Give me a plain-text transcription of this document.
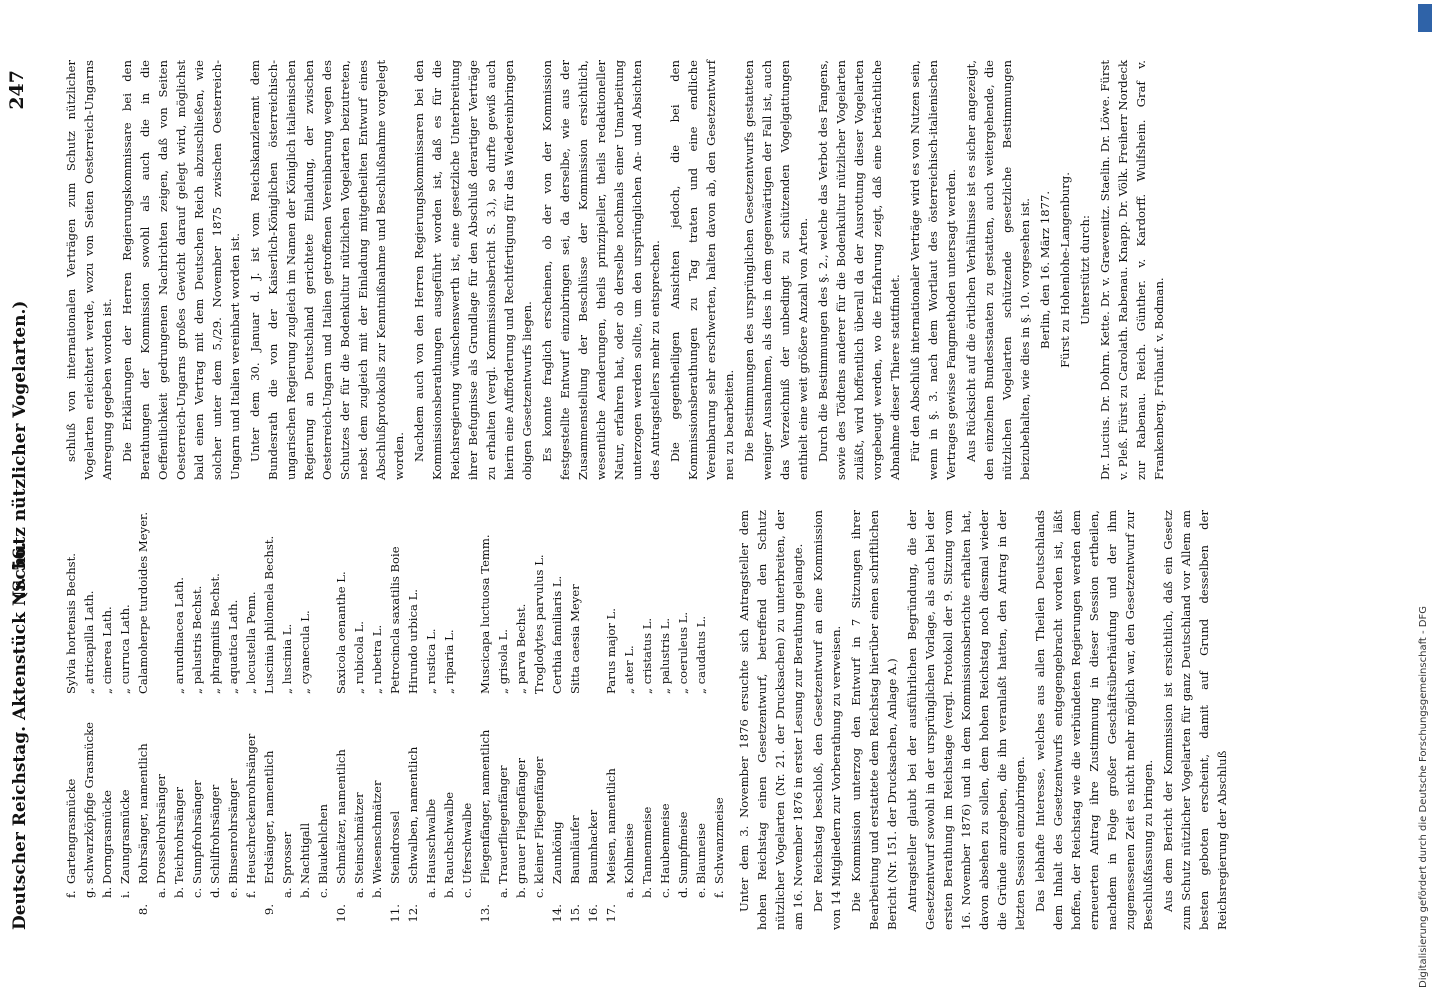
Deutscher Reichstag. Aktenstück Nr. 56.
(Schutz nützlicher Vogelarten.)
247
f.
Gartengrasmücke
Sylvia hortensis Bechst.
g.
schwarzköpfige Grasmücke
„ atricapilla Lath.
h.
Dorngrasmücke
„ cinerea Lath.
i.
Zaungrasmücke
„ curruca Lath.
8.
Rohrsänger, namentlich
Calamoherpe turdoides Meyer.
a.
Drosselrohrsänger
b.
Teichrohrsänger
„ arundinacea Lath.
c.
Sumpfrohrsänger
„ palustris Bechst.
d.
Schilfrohrsänger
„ phragmitis Bechst.
e.
Binsenrohrsänger
„ aquatica Lath.
f.
Heuschreckenrohrsänger
„ locustella Penn.
9.
Erdsänger, namentlich
Luscinia philomela Bechst.
a.
Sprosser
„ luscinia L.
b.
Nachtigall
„ cyanecula L.
c.
Blaukehlchen
10.
Schmätzer, namentlich
Saxicola oenanthe L.
a.
Steinschmätzer
„ rubicola L.
b.
Wiesenschmätzer
„ rubetra L.
11.
Steindrossel
Petrocincla saxatilis Boie
12.
Schwalben, namentlich
Hirundo urbica L.
a.
Hausschwalbe
„ rustica L.
b.
Rauchschwalbe
„ riparia L.
c.
Uferschwalbe
13.
Fliegenfänger, namentlich
Muscicapa luctuosa Temm.
a.
Trauerfliegenfänger
„ grisola L.
b.
grauer Fliegenfänger
„ parva Bechst.
c.
kleiner Fliegenfänger
Troglodytes parvulus L.
14.
Zaunkönig
Certhia familiaris L.
15.
Baumläufer
Sitta caesia Meyer
16.
Baumhacker
17.
Meisen, namentlich
Parus major L.
a.
Kohlmeise
„ ater L.
b.
Tannenmeise
„ cristatus L.
c.
Haubenmeise
„ palustris L.
d.
Sumpfmeise
„ coeruleus L.
e.
Blaumeise
„ caudatus L.
f.
Schwanzmeise Unter dem 3. November 1876 ersuchte sich Antragsteller dem hohen Reichstag einen Gesetzentwurf, betreffend den Schutz nützlicher Vogelarten (Nr. 21. der Drucksachen) zu unterbreiten, der am 16. November 1876 in erster Lesung zur Berathung gelangte. Der Reichstag beschloß, den Gesetzentwurf an eine Kommission von 14 Mitgliedern zur Vorberathung zu verweisen. Die Kommission unterzog den Entwurf in 7 Sitzungen ihrer Bearbeitung und erstattete dem Reichstag hierüber einen schriftlichen Bericht (Nr. 151. der Drucksachen, Anlage A.) Antragsteller glaubt bei der ausführlichen Begründung, die der Gesetzentwurf sowohl in der ursprünglichen Vorlage, als auch bei der ersten Berathung im Reichstage (vergl. Protokoll der 9. Sitzung vom 16. November 1876) und in dem Kommissionsberichte erhalten hat, davon absehen zu sollen, dem hohen Reichstag noch diesmal wieder die Gründe anzugeben, die ihn veranlaßt hatten, den Antrag in der letzten Session einzubringen. Das lebhafte Interesse, welches aus allen Theilen Deutschlands dem Inhalt des Gesetzentwurfs entgegengebracht worden ist, läßt hoffen, der Reichstag wie die verbündeten Regierungen werden dem erneuerten Antrag ihre Zustimmung in dieser Session ertheilen, nachdem in Folge großer Geschäftsüberhäufung und der ihm zugemessenen Zeit es nicht mehr möglich war, den Gesetzentwurf zur Beschlußfassung zu bringen. Aus dem Bericht der Kommission ist ersichtlich, daß ein Gesetz zum Schutz nützlicher Vogelarten für ganz Deutschland vor Allem am besten geboten erscheint, damit auf Grund desselben der Reichsregierung der Abschluß

schluß von internationalen Verträgen zum Schutz nützlicher Vogelarten erleichtert werde, wozu von Seiten Oesterreich-Ungarns Anregung gegeben worden ist. Die Erklärungen der Herren Regierungskommissare bei den Berathungen der Kommission sowohl als auch die in die Oeffentlichkeit gedrungenen Nachrichten zeigen, daß von Seiten Oesterreich-Ungarns großes Gewicht darauf gelegt wird, möglichst bald einen Vertrag mit dem Deutschen Reich abzuschließen, wie solcher unter dem 5./29. November 1875 zwischen Oesterreich-Ungarn und Italien vereinbart worden ist. Unter dem 30. Januar d. J. ist vom Reichskanzleramt dem Bundesrath die von der Kaiserlich-Königlichen österreichisch-ungarischen Regierung zugleich im Namen der Königlich italienischen Regierung an Deutschland gerichtete Einladung, der zwischen Oesterreich-Ungarn und Italien getroffenen Vereinbarung wegen des Schutzes der für die Bodenkultur nützlichen Vogelarten beizutreten, nebst dem zugleich mit der Einladung mitgetheilten Entwurf eines Abschlußprotokolls zur Kenntnißnahme und Beschlußnahme vorgelegt worden. Nachdem auch von den Herren Regierungskommissaren bei den Kommissionsberathungen ausgeführt worden ist, daß es für die Reichsregierung wünschenswerth ist, eine gesetzliche Unterbreitung ihrer Befugnisse als Grundlage für den Abschluß derartiger Verträge zu erhalten (vergl. Kommissionsbericht S. 3.), so durfte gewiß auch hierin eine Aufforderung und Rechtfertigung für das Wiedereinbringen obigen Gesetzentwurfs liegen. Es konnte fraglich erscheinen, ob der von der Kommission festgestellte Entwurf einzubringen sei, da derselbe, wie aus der Zusammenstellung der Beschlüsse der Kommission ersichtlich, wesentliche Aenderungen, theils prinzipieller, theils redaktioneller Natur, erfahren hat, oder ob derselbe nochmals einer Umarbeitung unterzogen werden sollte, um den ursprünglichen An- und Absichten des Antragstellers mehr zu entsprechen. Die gegentheiligen Ansichten jedoch, die bei den Kommissionsberathungen zu Tag traten und eine endliche Vereinbarung sehr erschwerten, halten davon ab, den Gesetzentwurf neu zu bearbeiten. Die Bestimmungen des ursprünglichen Gesetzentwurfs gestatteten weniger Ausnahmen, als dies in dem gegenwärtigen der Fall ist, auch das Verzeichniß der unbedingt zu schützenden Vogelgattungen enthielt eine weit größere Anzahl von Arten. Durch die Bestimmungen des §. 2., welche das Verbot des Fangens, sowie des Tödtens anderer für die Bodenkultur nützlicher Vogelarten zuläßt, wird hoffentlich überall da der Ausrottung dieser Vogelarten vorgebeugt werden, wo die Erfahrung zeigt, daß eine beträchtliche Abnahme dieser Thiere stattfindet. Für den Abschluß internationaler Verträge wird es von Nutzen sein, wenn in §. 3. nach dem Wortlaut des österreichisch-italienischen Vertrages gewisse Fangmethoden untersagt werden. Aus Rücksicht auf die örtlichen Verhältnisse ist es sicher angezeigt, den einzelnen Bundesstaaten zu gestatten, auch weitergehende, die nützlichen Vogelarten schützende gesetzliche Bestimmungen beizubehalten, wie dies in §. 10. vorgesehen ist. Berlin, den 16. März 1877. Fürst zu Hohenlohe-Langenburg. Unterstützt durch: Dr. Lucius. Dr. Dohrn. Kette. Dr. v. Graevenitz. Staelin. Dr. Löwe. Fürst v. Pleß. Fürst zu Carolath. Rabenau. Knapp. Dr. Völk. Freiherr Nordeck zur Rabenau. Reich. Günther. v. Kardorff. Wulfshein. Graf v. Frankenberg. Frühauf. v. Bodman.

Digitalisierung gefördert durch die Deutsche Forschungsgemeinschaft - DFG
